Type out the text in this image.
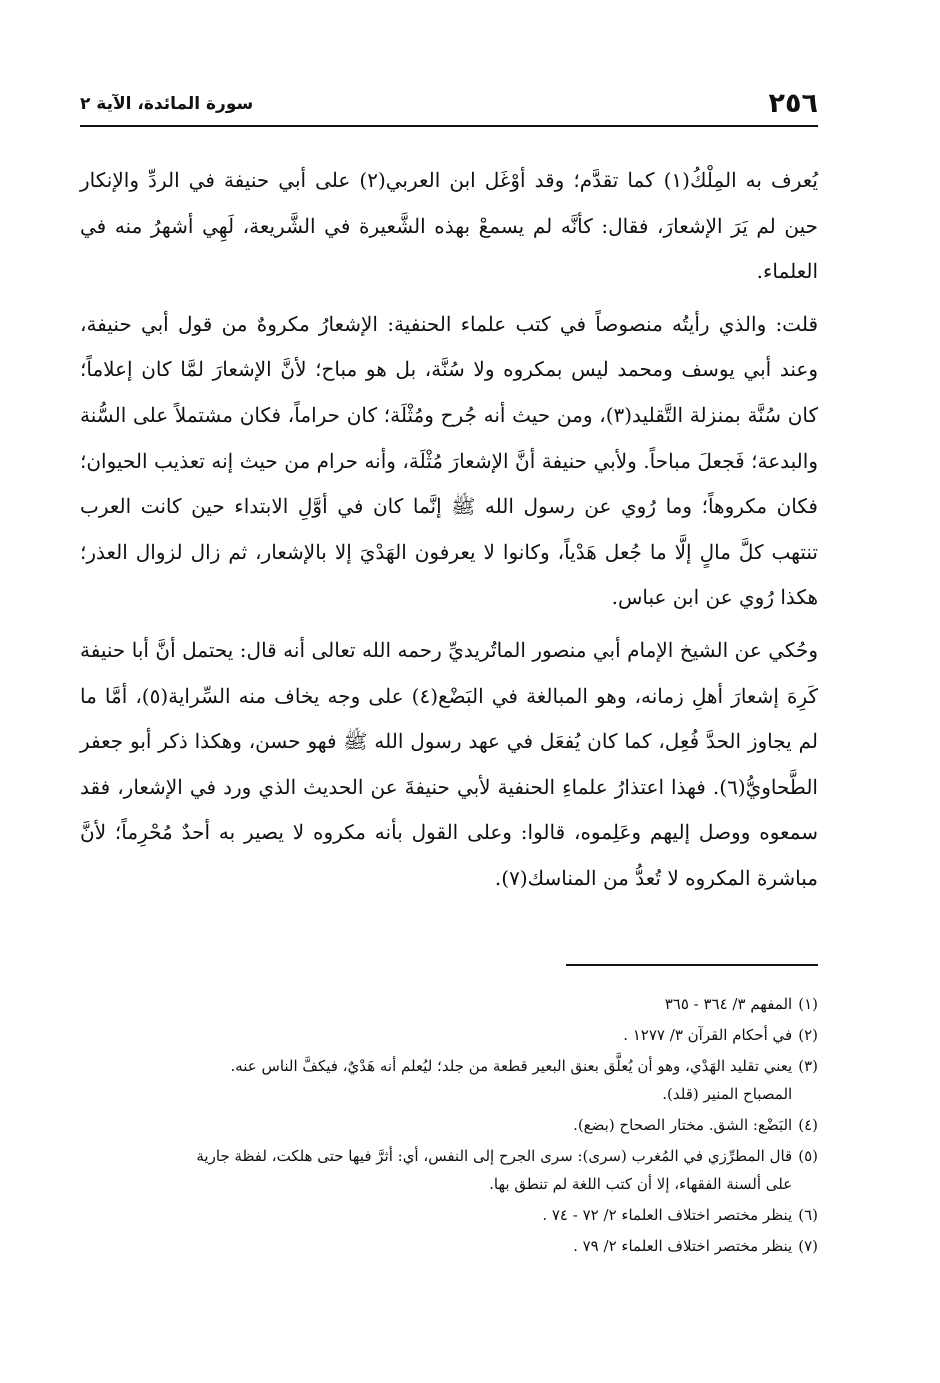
٢٥٦
سورة المائدة، الآية ٢

يُعرف به المِلْكُ(١) كما تقدَّم؛ وقد أوْغَل ابن العربي(٢) على أبي حنيفة في الردِّ والإنكار حين لم يَرَ الإشعارَ، فقال: كأنَّه لم يسمعْ بهذه الشَّعيرة في الشَّريعة، لَهِي أشهرُ منه في العلماء.

قلت: والذي رأيتُه منصوصاً في كتب علماء الحنفية: الإشعارُ مكروهٌ من قول أبي حنيفة، وعند أبي يوسف ومحمد ليس بمكروه ولا سُنَّة، بل هو مباح؛ لأنَّ الإشعارَ لمَّا كان إعلاماً؛ كان سُنَّة بمنزلة التَّقليد(٣)، ومن حيث أنه جُرح ومُثْلَة؛ كان حراماً، فكان مشتملاً على السُّنة والبدعة؛ فَجعلَ مباحاً. ولأبي حنيفة أنَّ الإشعارَ مُثْلَة، وأنه حرام من حيث إنه تعذيب الحيوان؛ فكان مكروهاً؛ وما رُوي عن رسول الله ﷺ إنَّما كان في أوَّلِ الابتداء حين كانت العرب تنتهب كلَّ مالٍ إلَّا ما جُعل هَدْياً، وكانوا لا يعرفون الهَدْيَ إلا بالإشعار، ثم زال لزوال العذر؛ هكذا رُوي عن ابن عباس.

وحُكي عن الشيخ الإمام أبي منصور الماتُريديِّ رحمه الله تعالى أنه قال: يحتمل أنَّ أبا حنيفة كَرِهَ إشعارَ أهلِ زمانه، وهو المبالغة في البَضْع(٤) على وجه يخاف منه السِّراية(٥)، أمَّا ما لم يجاوز الحدَّ فُعِل، كما كان يُفعَل في عهد رسول الله ﷺ فهو حسن، وهكذا ذكر أبو جعفر الطَّحاويُّ(٦). فهذا اعتذارُ علماءِ الحنفية لأبي حنيفةَ عن الحديث الذي ورد في الإشعار، فقد سمعوه ووصل إليهم وعَلِموه، قالوا: وعلى القول بأنه مكروه لا يصير به أحدٌ مُحْرِماً؛ لأنَّ مباشرة المكروه لا تُعدُّ من المناسك(٧).

(١)
المفهم ٣/ ٣٦٤ - ٣٦٥
(٢)
في أحكام القرآن ٣/ ١٢٧٧ .
(٣)
يعني تقليد الهَدْي، وهو أن يُعلَّق بعنق البعير قطعة من جلد؛ ليُعلم أنه هَدْيٌ، فيكفَّ الناس عنه.
المصباح المنير (قلد).
(٤)
البَضْع: الشق. مختار الصحاح (بضع).
(٥)
قال المطرِّزي في المُغرب (سرى): سرى الجرح إلى النفس، أي: أثرَّ فيها حتى هلكت، لفظة جارية
على ألسنة الفقهاء، إلا أن كتب اللغة لم تنطق بها.
(٦)
ينظر مختصر اختلاف العلماء ٢/ ٧٢ - ٧٤ .
(٧)
ينظر مختصر اختلاف العلماء ٢/ ٧٩ .
